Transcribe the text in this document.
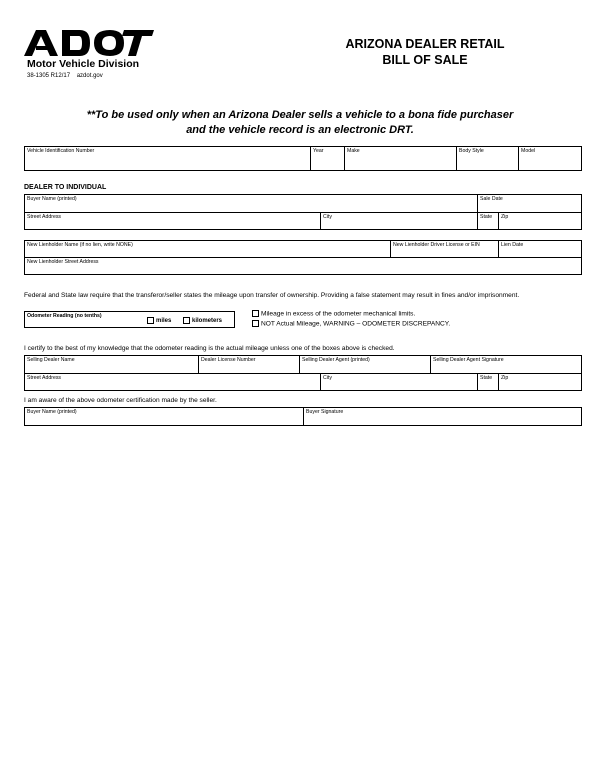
Motor Vehicle Division
38-1305 R12/17 azdot.gov
ARIZONA DEALER RETAIL
BILL OF SALE
**To be used only when an Arizona Dealer sells a vehicle to a bona fide purchaser
and the vehicle record is an electronic DRT.
Vehicle Identification Number	Year	Make	Body Style	Model
DEALER TO INDIVIDUAL
Buyer Name (printed)	Sale Date
Street Address	City	State Zip
New Lienholder Name (if no lien, write NONE)	New Lienholder Driver License or EIN	Lien Date
New Lienholder Street Address
Federal and State law require that the transferor/seller states the mileage upon transfer of ownership. Providing a false statement may result in fines and/or imprisonment.
Odometer Reading (no tenths)
miles	kilometers
Mileage in excess of the odometer mechanical limits.
NOT Actual Mileage, WARNING – ODOMETER DISCREPANCY.
I certify to the best of my knowledge that the odometer reading is the actual mileage unless one of the boxes above is checked.
Selling Dealer Name	Dealer License Number	Selling Dealer Agent (printed)	Selling Dealer Agent Signature
Street Address	City	State Zip
I am aware of the above odometer certification made by the seller.
Buyer Name (printed)	Buyer Signature
